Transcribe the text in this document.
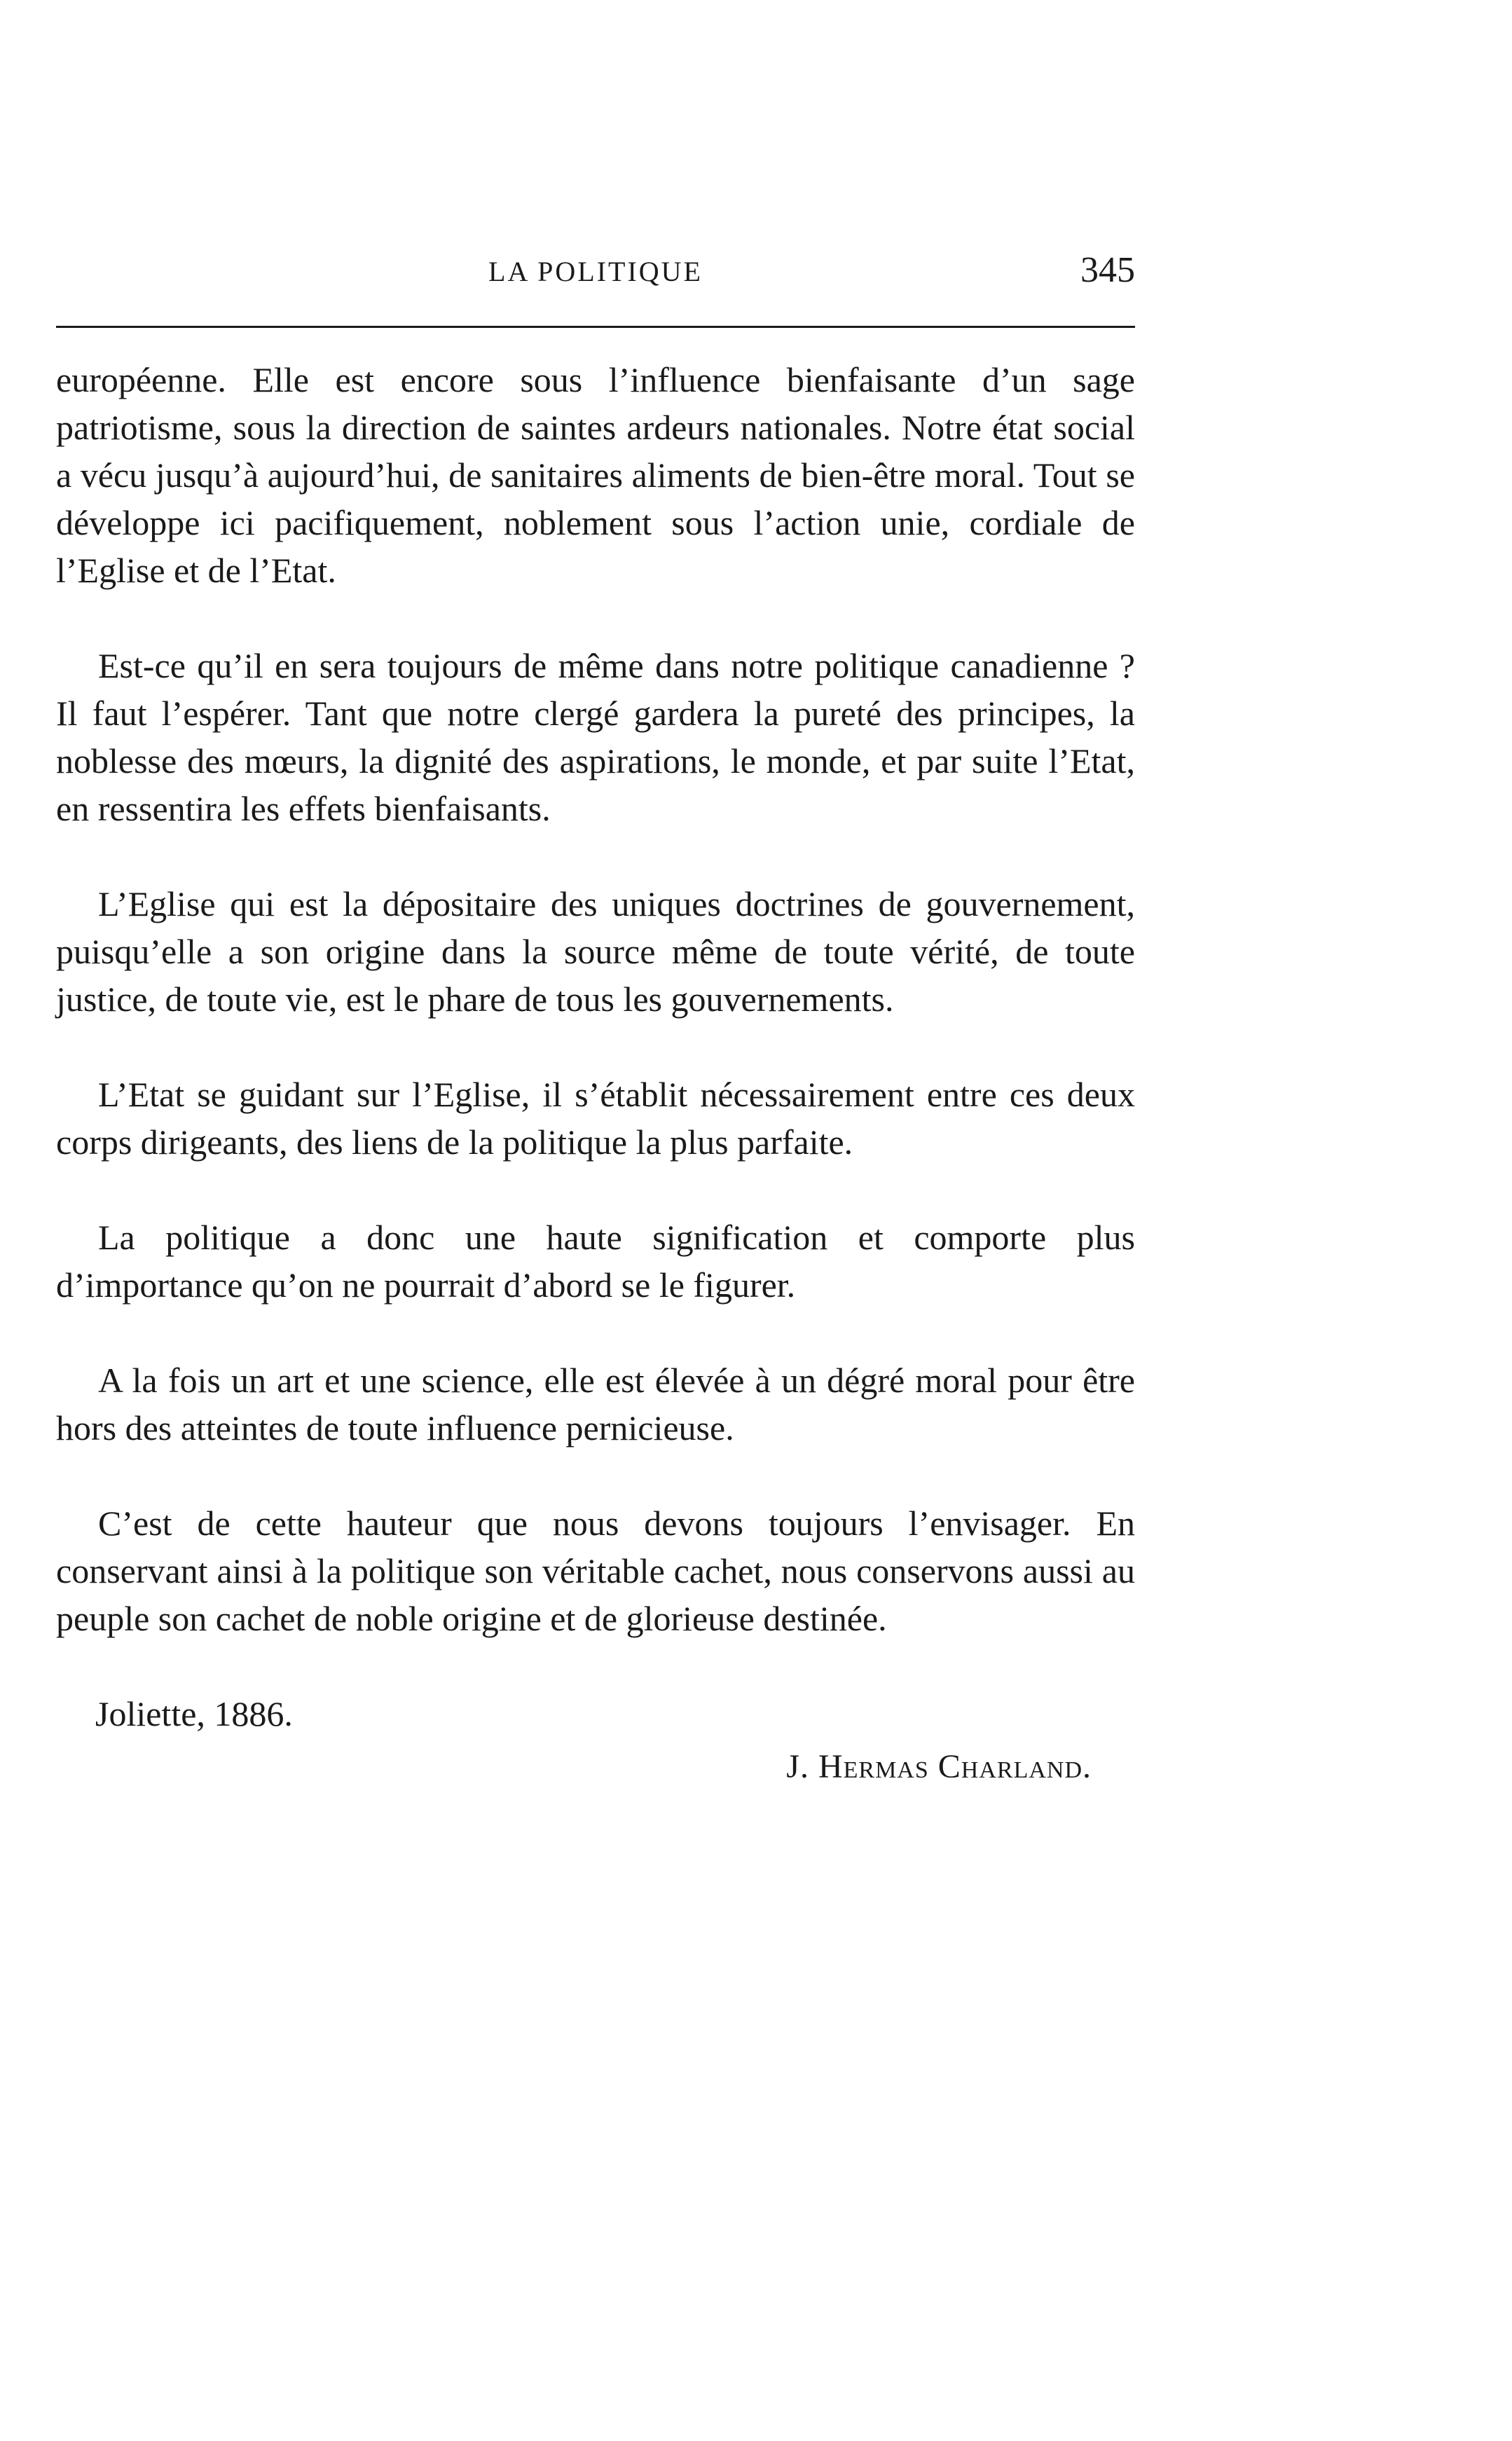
LA POLITIQUE	345

européenne. Elle est encore sous l’influence bienfaisante d’un sage patriotisme, sous la direction de saintes ardeurs nationales. Notre état social a vécu jusqu’à aujourd’hui, de sanitaires aliments de bien-être moral. Tout se développe ici pacifiquement, noblement sous l’action unie, cordiale de l’Eglise et de l’Etat.

Est-ce qu’il en sera toujours de même dans notre politique canadienne ? Il faut l’espérer. Tant que notre clergé gardera la pureté des principes, la noblesse des mœurs, la dignité des aspirations, le monde, et par suite l’Etat, en ressentira les effets bienfaisants.

L’Eglise qui est la dépositaire des uniques doctrines de gouvernement, puisqu’elle a son origine dans la source même de toute vérité, de toute justice, de toute vie, est le phare de tous les gouvernements.

L’Etat se guidant sur l’Eglise, il s’établit nécessairement entre ces deux corps dirigeants, des liens de la politique la plus parfaite.

La politique a donc une haute signification et comporte plus d’importance qu’on ne pourrait d’abord se le figurer.

A la fois un art et une science, elle est élevée à un dégré moral pour être hors des atteintes de toute influence pernicieuse.

C’est de cette hauteur que nous devons toujours l’envisager. En conservant ainsi à la politique son véritable cachet, nous conservons aussi au peuple son cachet de noble origine et de glorieuse destinée.

Joliette, 1886.

J. Hermas Charland.
